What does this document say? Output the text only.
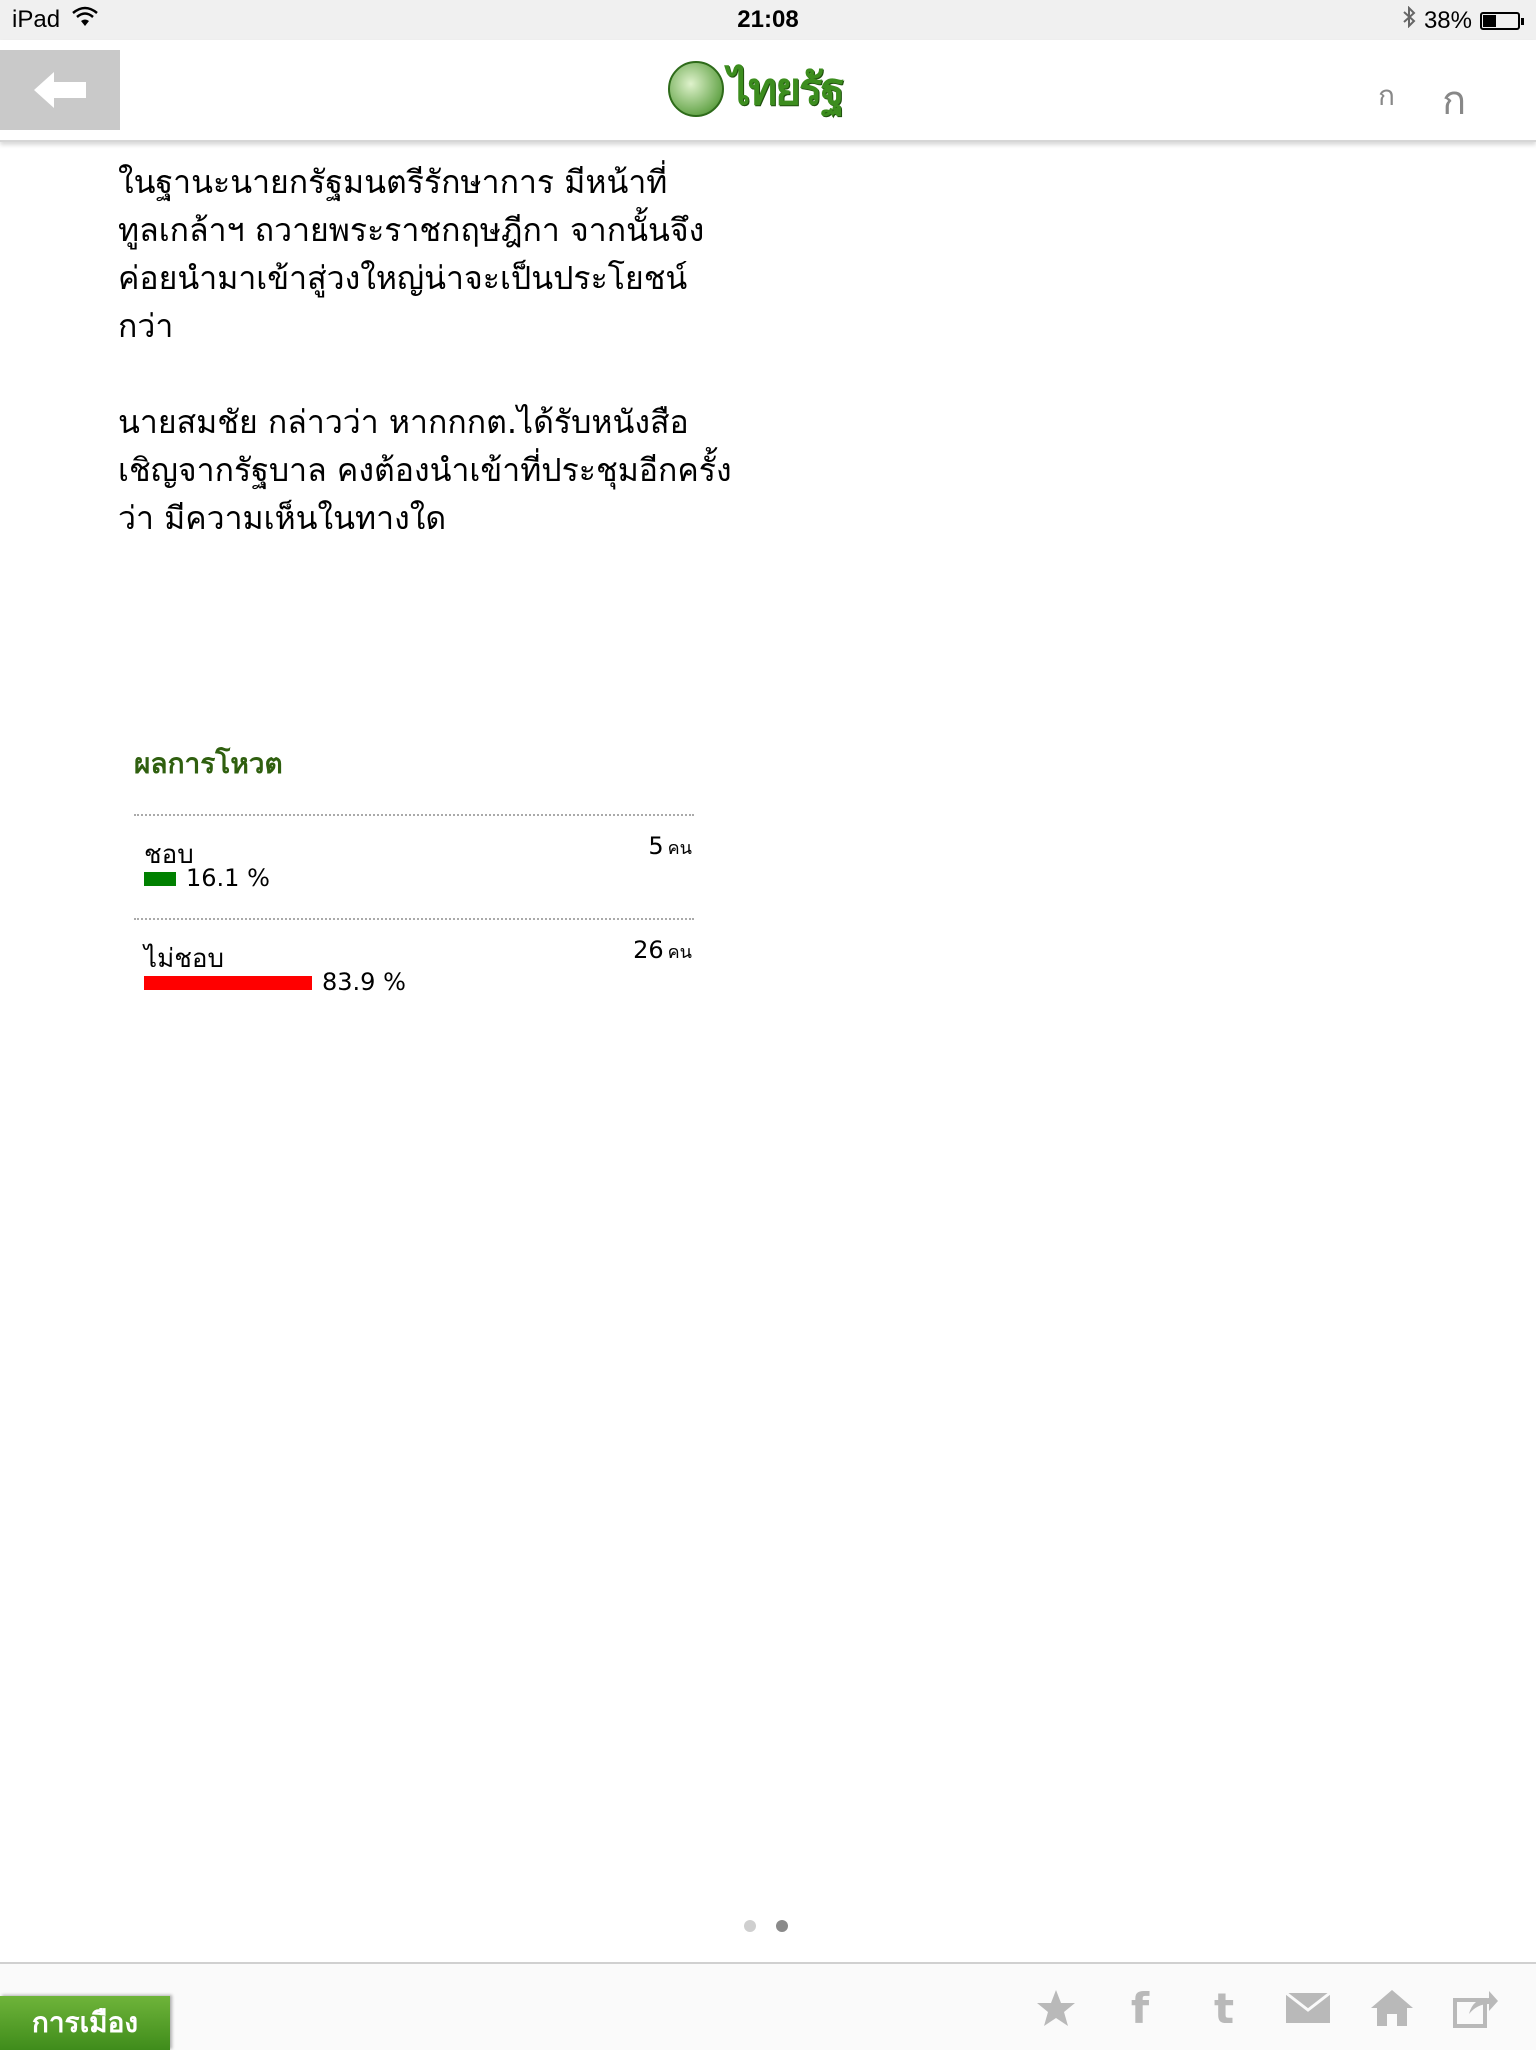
iPad	21:08	38%
ไทยรัฐ	ก ก

ในฐานะนายกรัฐมนตรีรักษาการ มีหน้าที่ทูลเกล้าฯ ถวายพระราชกฤษฎีกา จากนั้นจึงค่อยนำมาเข้าสู่วงใหญ่น่าจะเป็นประโยชน์กว่า

นายสมชัย กล่าวว่า หากกกต.ได้รับหนังสือเชิญจากรัฐบาล คงต้องนำเข้าที่ประชุมอีกครั้งว่า มีความเห็นในทางใด

ผลการโหวต
ชอบ	5 คน
16.1 %
ไม่ชอบ	26 คน
83.9 %
การเมือง	f t
